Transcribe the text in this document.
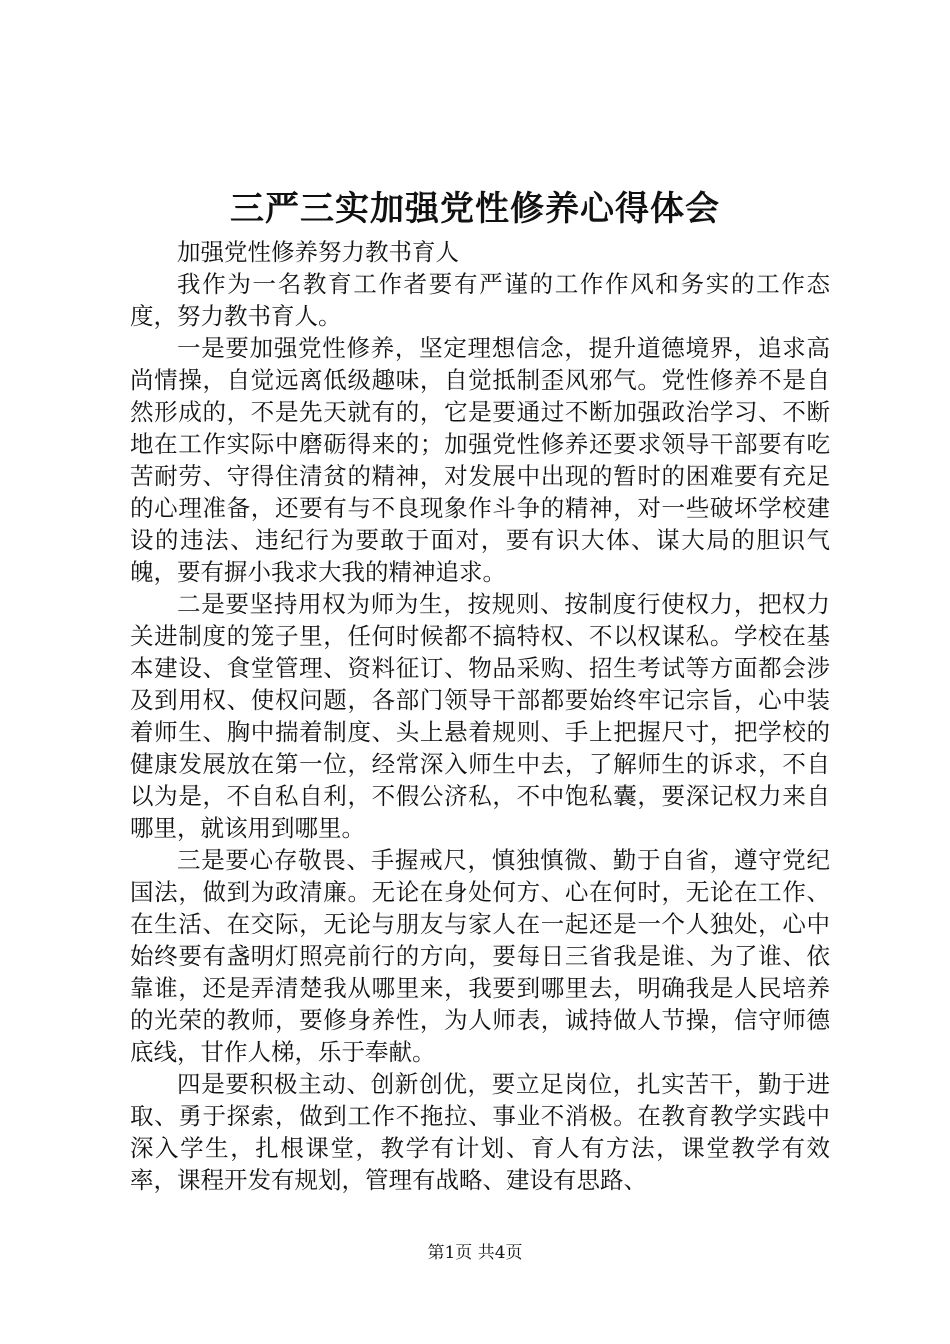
三严三实加强党性修养心得体会

加强党性修养努力教书育人

我作为一名教育工作者要有严谨的工作作风和务实的工作态度，努力教书育人。

一是要加强党性修养，坚定理想信念，提升道德境界，追求高尚情操，自觉远离低级趣味，自觉抵制歪风邪气。党性修养不是自然形成的，不是先天就有的，它是要通过不断加强政治学习、不断地在工作实际中磨砺得来的；加强党性修养还要求领导干部要有吃苦耐劳、守得住清贫的精神，对发展中出现的暂时的困难要有充足的心理准备，还要有与不良现象作斗争的精神，对一些破坏学校建设的违法、违纪行为要敢于面对，要有识大体、谋大局的胆识气魄，要有摒小我求大我的精神追求。

二是要坚持用权为师为生，按规则、按制度行使权力，把权力关进制度的笼子里，任何时候都不搞特权、不以权谋私。学校在基本建设、食堂管理、资料征订、物品采购、招生考试等方面都会涉及到用权、使权问题，各部门领导干部都要始终牢记宗旨，心中装着师生、胸中揣着制度、头上悬着规则、手上把握尺寸，把学校的健康发展放在第一位，经常深入师生中去，了解师生的诉求，不自以为是，不自私自利，不假公济私，不中饱私囊，要深记权力来自哪里，就该用到哪里。

三是要心存敬畏、手握戒尺，慎独慎微、勤于自省，遵守党纪国法，做到为政清廉。无论在身处何方、心在何时，无论在工作、在生活、在交际，无论与朋友与家人在一起还是一个人独处，心中始终要有盏明灯照亮前行的方向，要每日三省我是谁、为了谁、依靠谁，还是弄清楚我从哪里来，我要到哪里去，明确我是人民培养的光荣的教师，要修身养性，为人师表，诚持做人节操，信守师德底线，甘作人梯，乐于奉献。

四是要积极主动、创新创优，要立足岗位，扎实苦干，勤于进取、勇于探索，做到工作不拖拉、事业不消极。在教育教学实践中深入学生，扎根课堂，教学有计划、育人有方法，课堂教学有效率，课程开发有规划，管理有战略、建设有思路、

第1页 共4页
